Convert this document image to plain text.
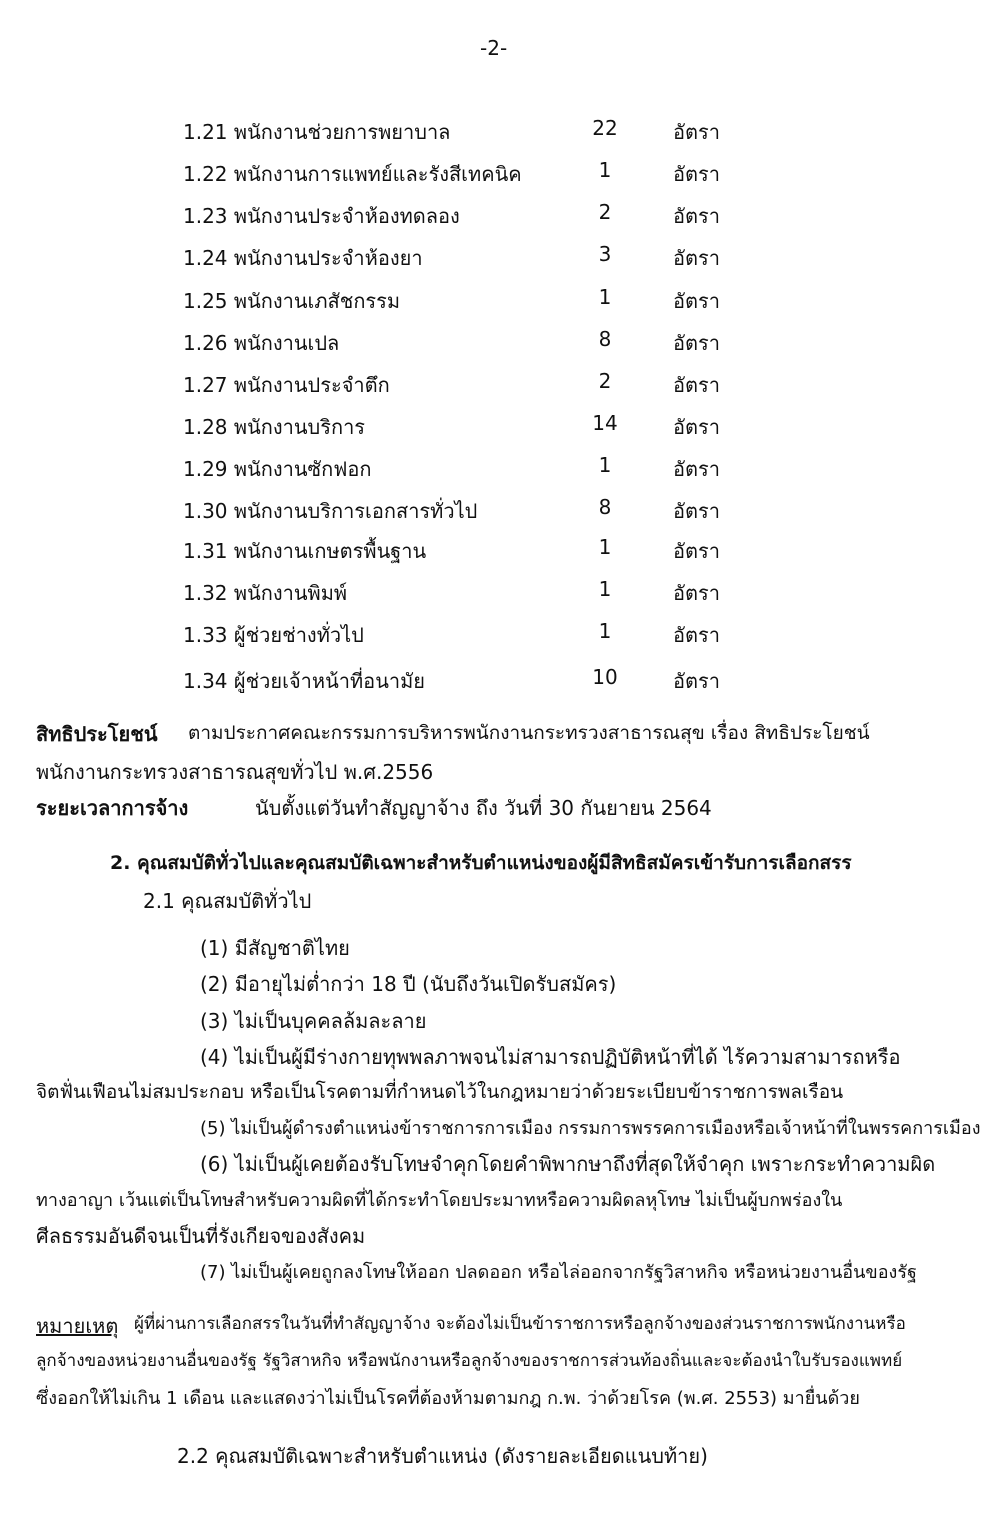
-2-
1.21 พนักงานช่วยการพยาบาล	22	อัตรา
1.22 พนักงานการแพทย์และรังสีเทคนิค	1	อัตรา
1.23 พนักงานประจำห้องทดลอง	2	อัตรา
1.24 พนักงานประจำห้องยา	3	อัตรา
1.25 พนักงานเภสัชกรรม	1	อัตรา
1.26 พนักงานเปล	8	อัตรา
1.27 พนักงานประจำตึก	2	อัตรา
1.28 พนักงานบริการ	14	อัตรา
1.29 พนักงานซักฟอก	1	อัตรา
1.30 พนักงานบริการเอกสารทั่วไป	8	อัตรา
1.31 พนักงานเกษตรพื้นฐาน	1	อัตรา
1.32 พนักงานพิมพ์	1	อัตรา
1.33 ผู้ช่วยช่างทั่วไป	1	อัตรา
1.34 ผู้ช่วยเจ้าหน้าที่อนามัย	10	อัตรา
สิทธิประโยชน์ ตามประกาศคณะกรรมการบริหารพนักงานกระทรวงสาธารณสุข เรื่อง สิทธิประโยชน์
พนักงานกระทรวงสาธารณสุขทั่วไป พ.ศ.2556
ระยะเวลาการจ้าง	นับตั้งแต่วันทำสัญญาจ้าง ถึง วันที่ 30 กันยายน 2564
2. คุณสมบัติทั่วไปและคุณสมบัติเฉพาะสำหรับตำแหน่งของผู้มีสิทธิสมัครเข้ารับการเลือกสรร
2.1 คุณสมบัติทั่วไป
(1) มีสัญชาติไทย
(2) มีอายุไม่ต่ำกว่า 18 ปี (นับถึงวันเปิดรับสมัคร)
(3) ไม่เป็นบุคคลล้มละลาย
(4) ไม่เป็นผู้มีร่างกายทุพพลภาพจนไม่สามารถปฏิบัติหน้าที่ได้ ไร้ความสามารถหรือ
จิตฟั่นเฟือนไม่สมประกอบ หรือเป็นโรคตามที่กำหนดไว้ในกฎหมายว่าด้วยระเบียบข้าราชการพลเรือน
(5) ไม่เป็นผู้ดำรงตำแหน่งข้าราชการการเมือง กรรมการพรรคการเมืองหรือเจ้าหน้าที่ในพรรคการเมือง
(6) ไม่เป็นผู้เคยต้องรับโทษจำคุกโดยคำพิพากษาถึงที่สุดให้จำคุก เพราะกระทำความผิด
ทางอาญา เว้นแต่เป็นโทษสำหรับความผิดที่ได้กระทำโดยประมาทหรือความผิดลหุโทษ ไม่เป็นผู้บกพร่องใน
ศีลธรรมอันดีจนเป็นที่รังเกียจของสังคม
(7) ไม่เป็นผู้เคยถูกลงโทษให้ออก ปลดออก หรือไล่ออกจากรัฐวิสาหกิจ หรือหน่วยงานอื่นของรัฐ
หมายเหตุ ผู้ที่ผ่านการเลือกสรรในวันที่ทำสัญญาจ้าง จะต้องไม่เป็นข้าราชการหรือลูกจ้างของส่วนราชการพนักงานหรือ
ลูกจ้างของหน่วยงานอื่นของรัฐ รัฐวิสาหกิจ หรือพนักงานหรือลูกจ้างของราชการส่วนท้องถิ่นและจะต้องนำใบรับรองแพทย์
ซึ่งออกให้ไม่เกิน 1 เดือน และแสดงว่าไม่เป็นโรคที่ต้องห้ามตามกฎ ก.พ. ว่าด้วยโรค (พ.ศ. 2553) มายื่นด้วย
2.2 คุณสมบัติเฉพาะสำหรับตำแหน่ง (ดังรายละเอียดแนบท้าย)
